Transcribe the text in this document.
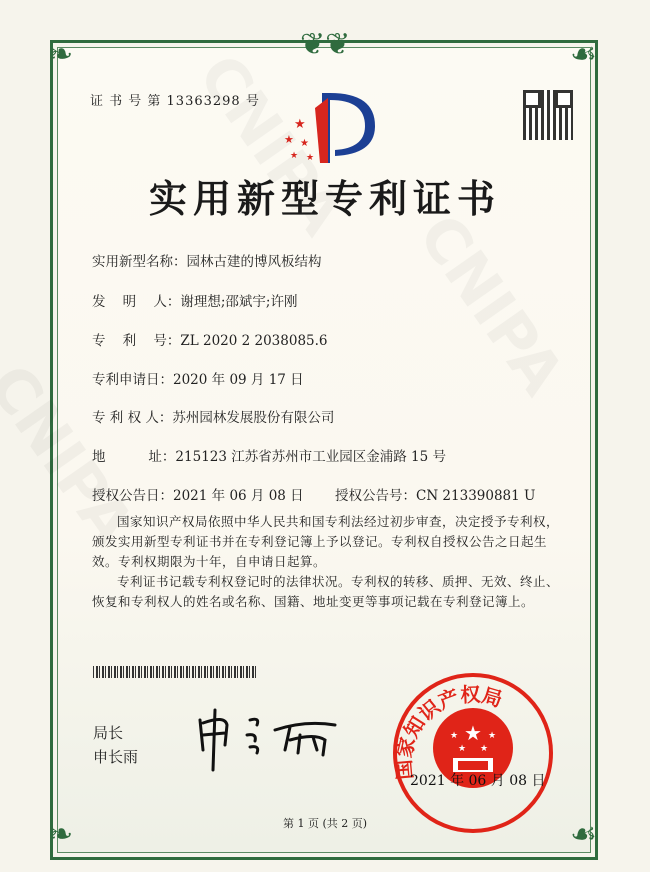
❦❦
❧	☙
❧	☙
证 书 号 第 13363298 号
★
★ ★
★ ★
实用新型专利证书
实用新型名称：园林古建的博风板结构
发    明    人：谢理想;邵斌宇;许刚
专    利    号：ZL 2020 2 2038085.6
专利申请日：2020 年 09 月 17 日
专 利 权 人：苏州园林发展股份有限公司
地          址：215123 江苏省苏州市工业园区金浦路 15 号
授权公告日：2021 年 06 月 08 日 授权公告号：CN 213390881 U

国家知识产权局依照中华人民共和国专利法经过初步审查，决定授予专利权，颁发实用新型专利证书并在专利登记簿上予以登记。专利权自授权公告之日起生效。专利权期限为十年，自申请日起算。

专利证书记载专利权登记时的法律状况。专利权的转移、质押、无效、终止、恢复和专利权人的姓名或名称、国籍、地址变更等事项记载在专利登记簿上。

局长
申长雨
★
★	★
★ ★
国家知识产权局
2021 年 06 月 08 日
第 1 页 (共 2 页)
